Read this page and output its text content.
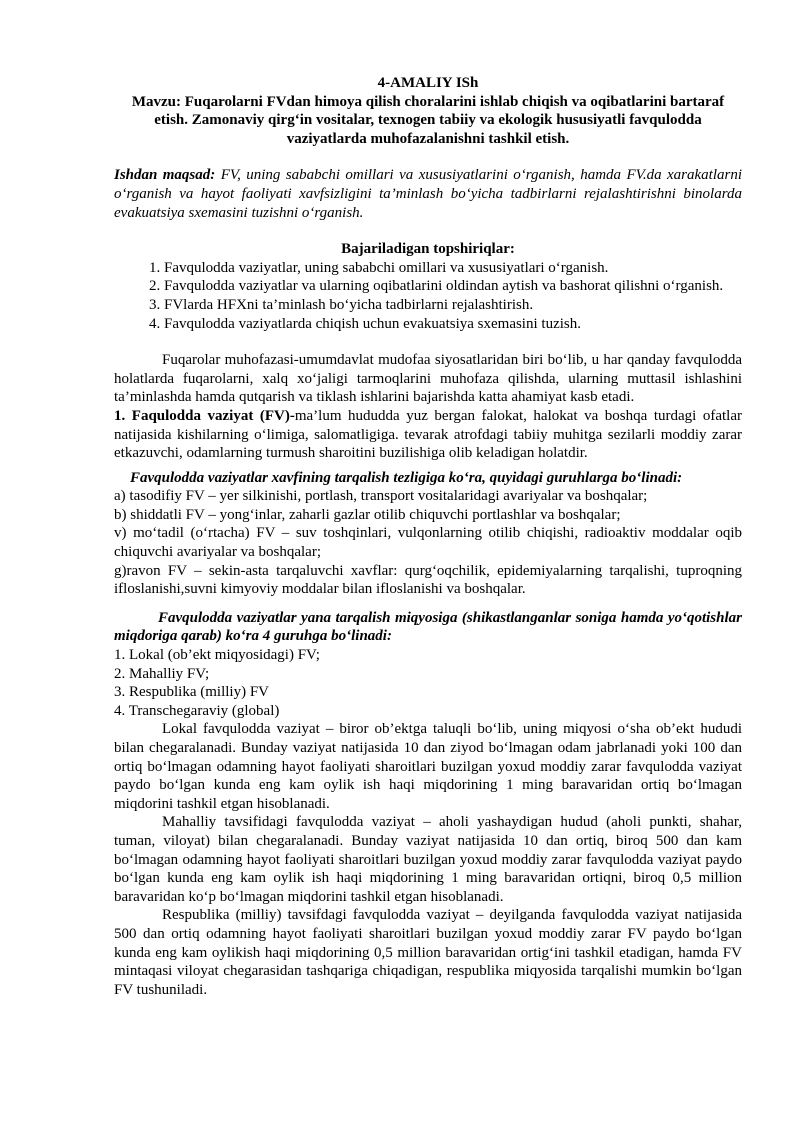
4-AMALIY ISh

Mavzu: Fuqarolarni FVdan himoya qilish choralarini ishlab chiqish va oqibatlarini bartaraf etish. Zamonaviy qirg‘in vositalar, texnogen tabiiy va ekologik hususiyatli favqulodda vaziyatlarda muhofazalanishni tashkil etish.

Ishdan maqsad: FV, uning sababchi omillari va xususiyatlarini o‘rganish, hamda FV.da xarakatlarni o‘rganish va hayot faoliyati xavfsizligini ta’minlash bo‘yicha tadbirlarni rejalashtirishni binolarda evakuatsiya sxemasini tuzishni o‘rganish.

Bajariladigan topshiriqlar:

1. Favqulodda vaziyatlar, uning sababchi omillari va xususiyatlari o‘rganish.
2. Favqulodda vaziyatlar va ularning oqibatlarini oldindan aytish va bashorat qilishni o‘rganish.
3. FVlarda HFXni ta’minlash bo‘yicha tadbirlarni rejalashtirish.
4. Favqulodda vaziyatlarda chiqish uchun evakuatsiya sxemasini tuzish.

Fuqarolar muhofazasi-umumdavlat mudofaa siyosatlaridan biri bo‘lib, u har qanday favqulodda holatlarda fuqarolarni, xalq xo‘jaligi tarmoqlarini muhofaza qilishda, ularning muttasil ishlashini ta’minlashda hamda qutqarish va tiklash ishlarini bajarishda katta ahamiyat kasb etadi.

1. Faqulodda vaziyat (FV)-ma’lum hududda yuz bergan falokat, halokat va boshqa turdagi ofatlar natijasida kishilarning o‘limiga, salomatligiga. tevarak atrofdagi tabiiy muhitga sezilarli moddiy zarar etkazuvchi, odamlarning turmush sharoitini buzilishiga olib keladigan holatdir.

Favqulodda vaziyatlar xavfining tarqalish tezligiga ko‘ra, quyidagi guruhlarga bo‘linadi:

a) tasodifiy FV – yer silkinishi, portlash, transport vositalaridagi avariyalar va boshqalar;
b) shiddatli FV – yong‘inlar, zaharli gazlar otilib chiquvchi portlashlar va boshqalar;
v) mo‘tadil (o‘rtacha) FV – suv toshqinlari, vulqonlarning otilib chiqishi, radioaktiv moddalar oqib chiquvchi avariyalar va boshqalar;
g)ravon FV – sekin-asta tarqaluvchi xavflar: qurg‘oqchilik, epidemiyalarning tarqalishi, tuproqning ifloslanishi,suvni kimyoviy moddalar bilan ifloslanishi va boshqalar.

Favqulodda vaziyatlar yana tarqalish miqyosiga (shikastlanganlar soniga hamda yo‘qotishlar miqdoriga qarab) ko‘ra 4 guruhga bo‘linadi:

1. Lokal (ob’ekt miqyosidagi) FV;
2. Mahalliy FV;
3. Respublika (milliy) FV
4. Transchegaraviy (global)

Lokal favqulodda vaziyat – biror ob’ektga taluqli bo‘lib, uning miqyosi o‘sha ob’ekt hududi bilan chegaralanadi. Bunday vaziyat natijasida 10 dan ziyod bo‘lmagan odam jabrlanadi yoki 100 dan ortiq bo‘lmagan odamning hayot faoliyati sharoitlari buzilgan yoxud moddiy zarar favqulodda vaziyat paydo bo‘lgan kunda eng kam oylik ish haqi miqdorining 1 ming baravaridan ortiq bo‘lmagan miqdorini tashkil etgan hisoblanadi.

Mahalliy tavsifidagi favqulodda vaziyat – aholi yashaydigan hudud (aholi punkti, shahar, tuman, viloyat) bilan chegaralanadi. Bunday vaziyat natijasida 10 dan ortiq, biroq 500 dan kam bo‘lmagan odamning hayot faoliyati sharoitlari buzilgan yoxud moddiy zarar favqulodda vaziyat paydo bo‘lgan kunda eng kam oylik ish haqi miqdorining 1 ming baravaridan ortiqni, biroq 0,5 million baravaridan ko‘p bo‘lmagan miqdorini tashkil etgan hisoblanadi.

Respublika (milliy) tavsifdagi favqulodda vaziyat – deyilganda favqulodda vaziyat natijasida 500 dan ortiq odamning hayot faoliyati sharoitlari buzilgan yoxud moddiy zarar FV paydo bo‘lgan kunda eng kam oylikish haqi miqdorining 0,5 million baravaridan ortig‘ini tashkil etadigan, hamda FV mintaqasi viloyat chegarasidan tashqariga chiqadigan, respublika miqyosida tarqalishi mumkin bo‘lgan FV tushuniladi.
